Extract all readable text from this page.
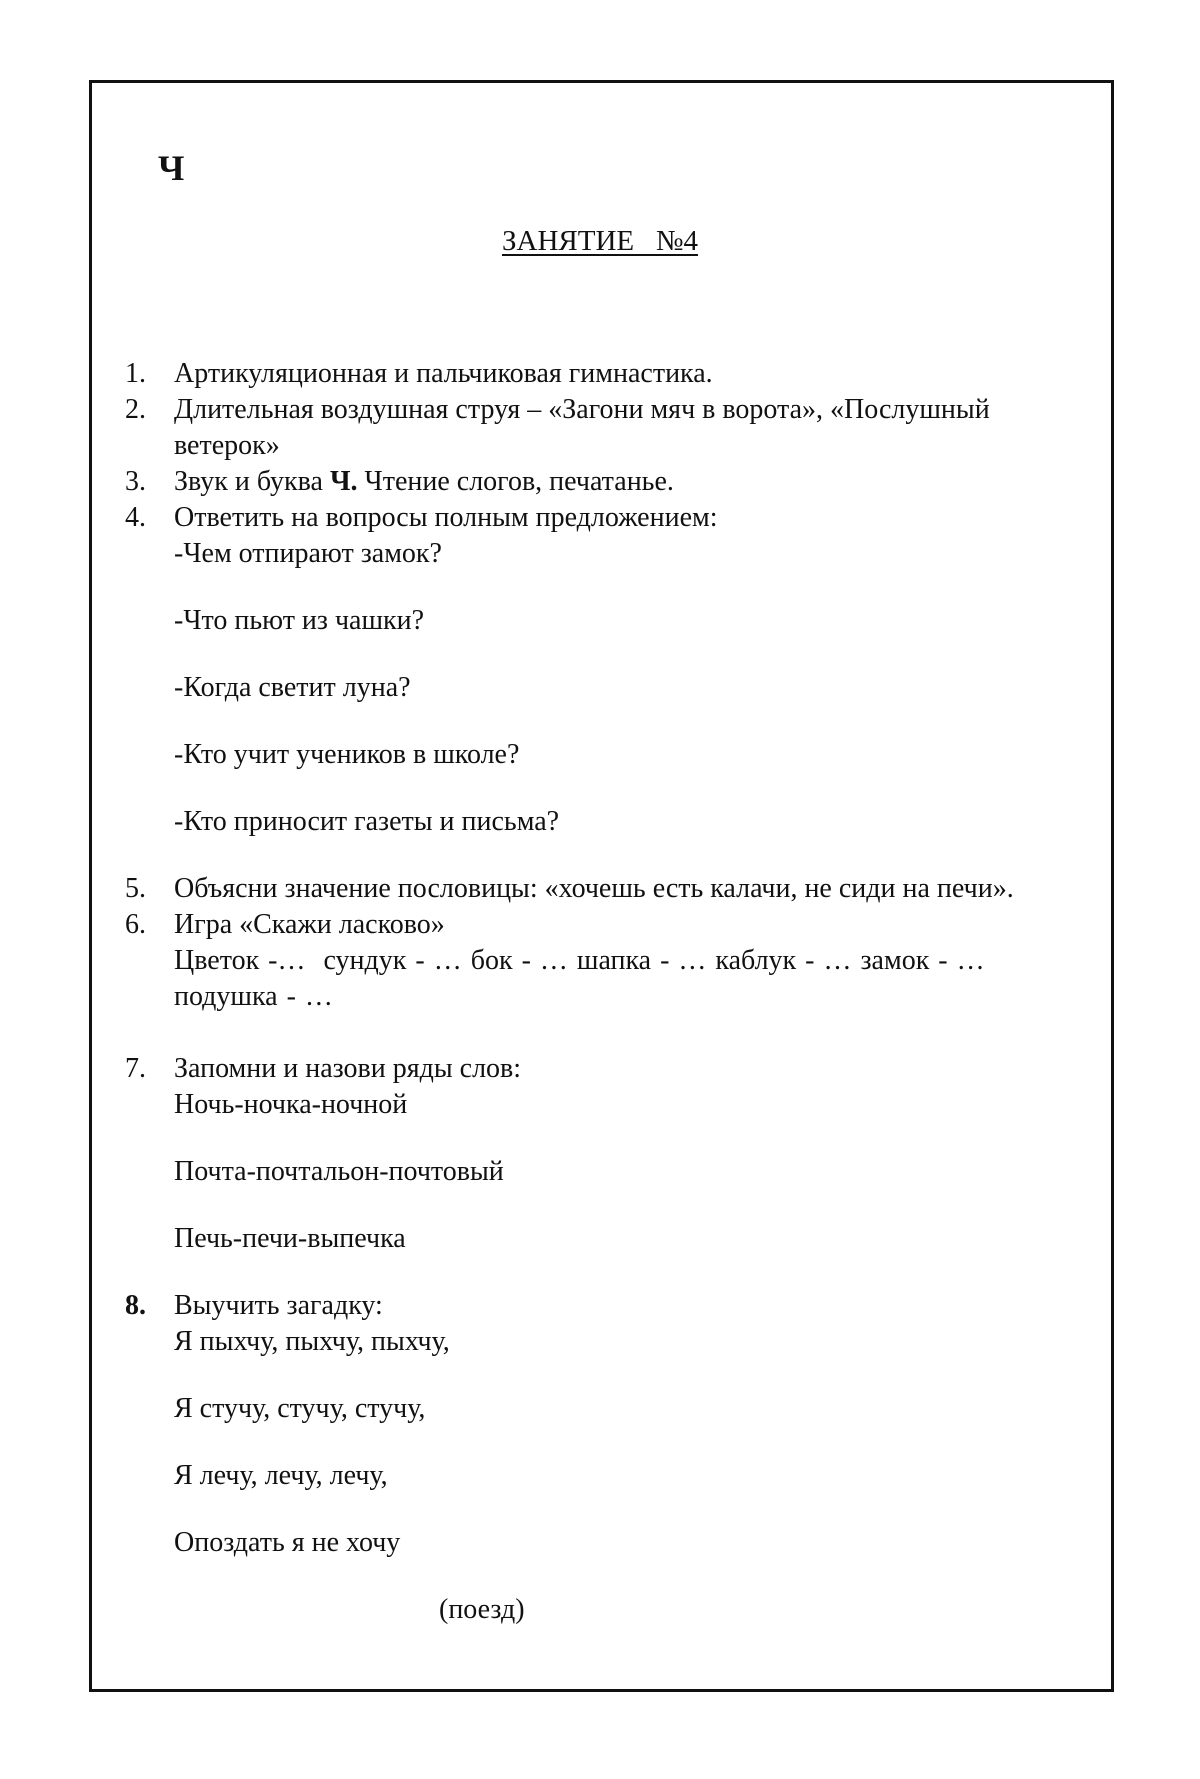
Ч
ЗАНЯТИЕ   №4
1.	Артикуляционная и пальчиковая гимнастика.
2.	Длительная воздушная струя – «Загони мяч в ворота», «Послушный ветерок»
3.	Звук и буква Ч. Чтение слогов, печатанье.
4.	Ответить на вопросы полным предложением:
-Чем отпирают замок?
-Что пьют из чашки?
-Когда светит луна?
-Кто учит учеников в школе?
-Кто приносит газеты и письма?
5.	Объясни значение пословицы: «хочешь есть калачи, не сиди на печи».
6.	Игра «Скажи ласково»
Цветок -…  сундук - … бок - … шапка - … каблук - … замок - …
подушка - …
7.	Запомни и назови ряды слов:
Ночь-ночка-ночной
Почта-почтальон-почтовый
Печь-печи-выпечка
8.	Выучить загадку:
Я пыхчу, пыхчу, пыхчу,
Я стучу, стучу, стучу,
Я лечу, лечу, лечу,
Опоздать я не хочу
(поезд)
